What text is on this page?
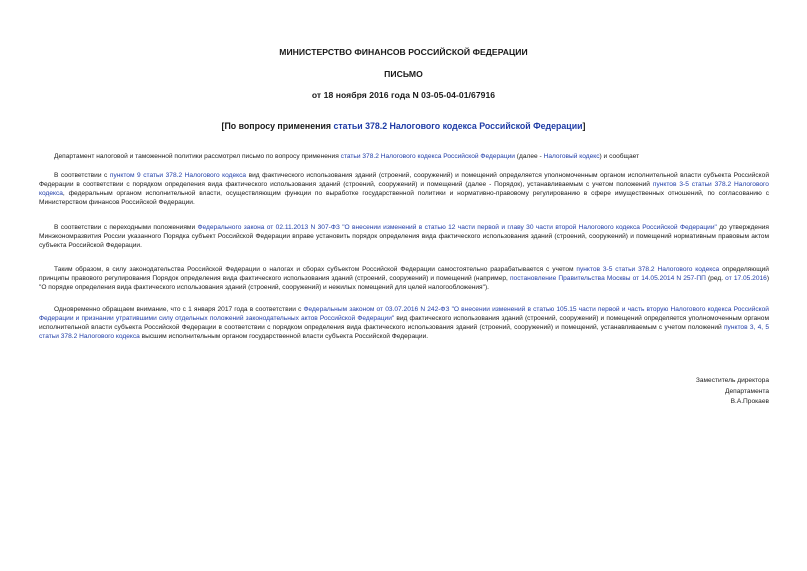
МИНИСТЕРСТВО ФИНАНСОВ РОССИЙСКОЙ ФЕДЕРАЦИИ
ПИСЬМО
от 18 ноября 2016 года N 03-05-04-01/67916
[По вопросу применения статьи 378.2 Налогового кодекса Российской Федерации]
Департамент налоговой и таможенной политики рассмотрел письмо по вопросу применения статьи 378.2 Налогового кодекса Российской Федерации (далее - Налоговый кодекс) и сообщает
В соответствии с пунктом 9 статьи 378.2 Налогового кодекса вид фактического использования зданий (строений, сооружений) и помещений определяется уполномоченным органом исполнительной власти субъекта Российской Федерации в соответствии с порядком определения вида фактического использования зданий (строений, сооружений) и помещений (далее - Порядок), устанавливаемым с учетом положений пунктов 3-5 статьи 378.2 Налогового кодекса, федеральным органом исполнительной власти, осуществляющим функции по выработке государственной политики и нормативно-правовому регулированию в сфере имущественных отношений, по согласованию с Министерством финансов Российской Федерации.
В соответствии с переходными положениями Федерального закона от 02.11.2013 N 307-ФЗ "О внесении изменений в статью 12 части первой и главу 30 части второй Налогового кодекса Российской Федерации" до утверждения Минэкономразвития России указанного Порядка субъект Российской Федерации вправе установить порядок определения вида фактического использования зданий (строений, сооружений) и помещений нормативным правовым актом субъекта Российской Федерации.
Таким образом, в силу законодательства Российской Федерации о налогах и сборах субъектом Российской Федерации самостоятельно разрабатывается с учетом пунктов 3-5 статьи 378.2 Налогового кодекса определяющий принципы правового регулирования Порядок определения вида фактического использования зданий (строений, сооружений) и помещений (например, постановление Правительства Москвы от 14.05.2014 N 257-ПП (ред. от 17.05.2016) "О порядке определения вида фактического использования зданий (строений, сооружений) и нежилых помещений для целей налогообложения").
Одновременно обращаем внимание, что с 1 января 2017 года в соответствии с Федеральным законом от 03.07.2016 N 242-ФЗ "О внесении изменений в статью 105.15 части первой и часть вторую Налогового кодекса Российской Федерации и признании утратившими силу отдельных положений законодательных актов Российской Федерации" вид фактического использования зданий (строений, сооружений) и помещений определяется уполномоченным органом исполнительной власти субъекта Российской Федерации в соответствии с порядком определения вида фактического использования зданий (строений, сооружений) и помещений, устанавливаемым с учетом положений пунктов 3, 4, 5 статьи 378.2 Налогового кодекса высшим исполнительным органом государственной власти субъекта Российской Федерации.
Заместитель директора
Департамента
В.А.Прокаев
